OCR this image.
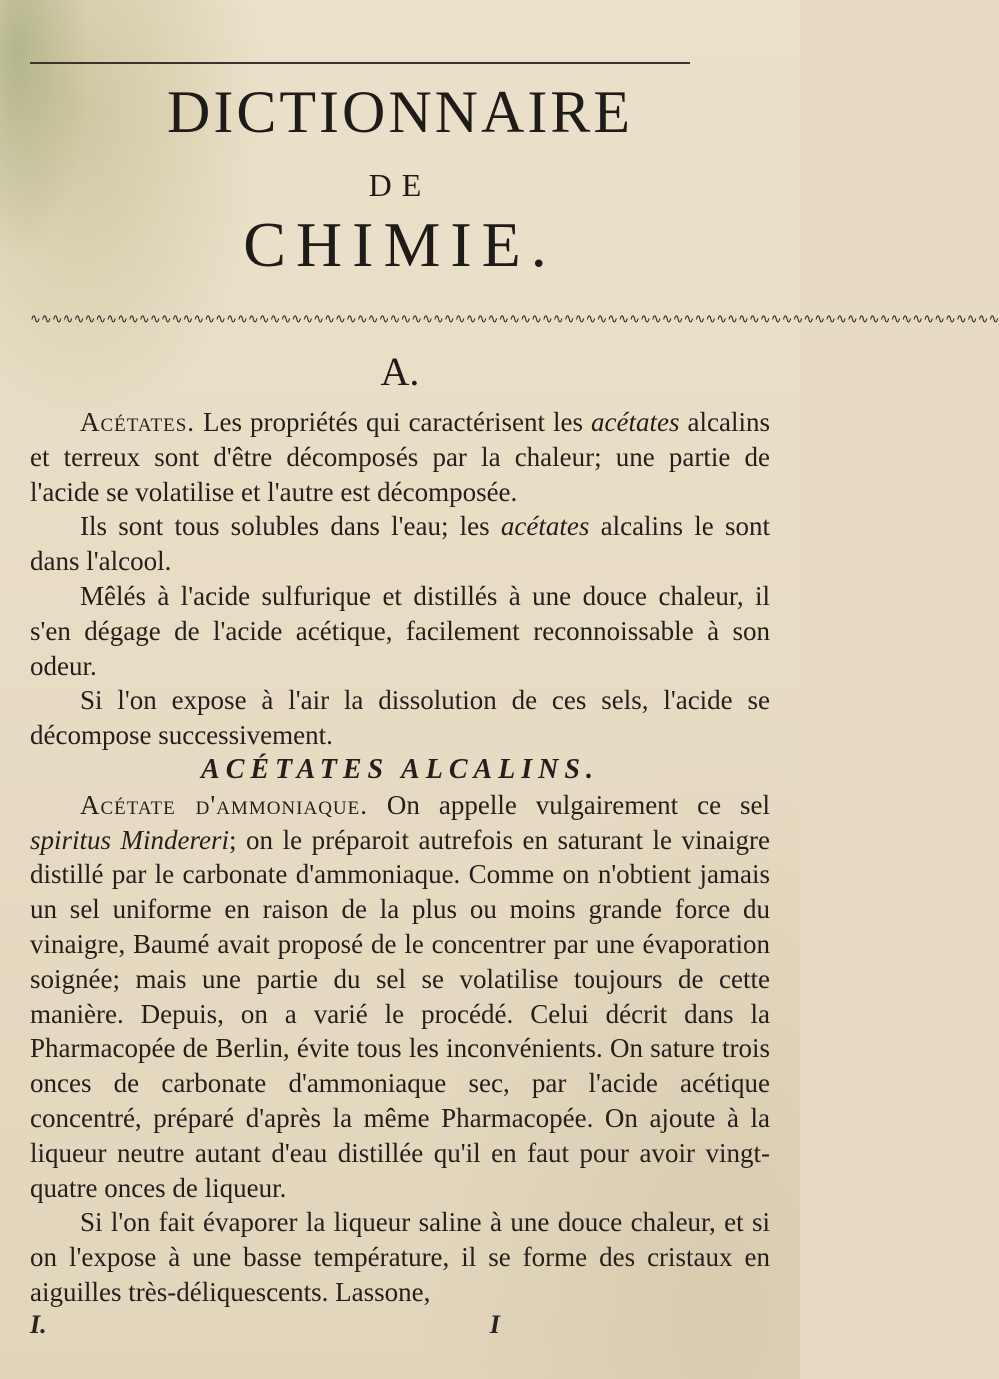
DICTIONNAIRE
DE
CHIMIE.
∿∿∿∿∿∿∿∿∿∿∿∿∿∿∿∿∿∿∿∿∿∿∿∿∿∿∿∿∿∿∿∿∿∿∿∿∿∿∿∿∿∿∿∿∿∿∿∿∿∿∿∿∿∿∿∿∿∿∿∿∿∿∿∿∿∿∿∿∿∿∿∿∿∿∿∿∿∿∿∿∿∿∿∿∿∿∿∿∿
A.

Acétates. Les propriétés qui caractérisent les acétates alcalins et terreux sont d'être décomposés par la chaleur; une partie de l'acide se volatilise et l'autre est décomposée.

Ils sont tous solubles dans l'eau; les acétates alcalins le sont dans l'alcool.

Mêlés à l'acide sulfurique et distillés à une douce chaleur, il s'en dégage de l'acide acétique, facilement reconnoissable à son odeur.

Si l'on expose à l'air la dissolution de ces sels, l'acide se décompose successivement.

ACÉTATES ALCALINS.

Acétate d'ammoniaque. On appelle vulgairement ce sel spiritus Mindereri; on le préparoit autrefois en saturant le vinaigre distillé par le carbonate d'ammoniaque. Comme on n'obtient jamais un sel uniforme en raison de la plus ou moins grande force du vinaigre, Baumé avait proposé de le concentrer par une évaporation soignée; mais une partie du sel se volatilise toujours de cette manière. Depuis, on a varié le procédé. Celui décrit dans la Pharmacopée de Berlin, évite tous les inconvénients. On sature trois onces de carbonate d'ammoniaque sec, par l'acide acétique concentré, préparé d'après la même Pharmacopée. On ajoute à la liqueur neutre autant d'eau distillée qu'il en faut pour avoir vingt-quatre onces de liqueur.

Si l'on fait évaporer la liqueur saline à une douce chaleur, et si on l'expose à une basse température, il se forme des cristaux en aiguilles très-déliquescents. Lassone,

I.	I
